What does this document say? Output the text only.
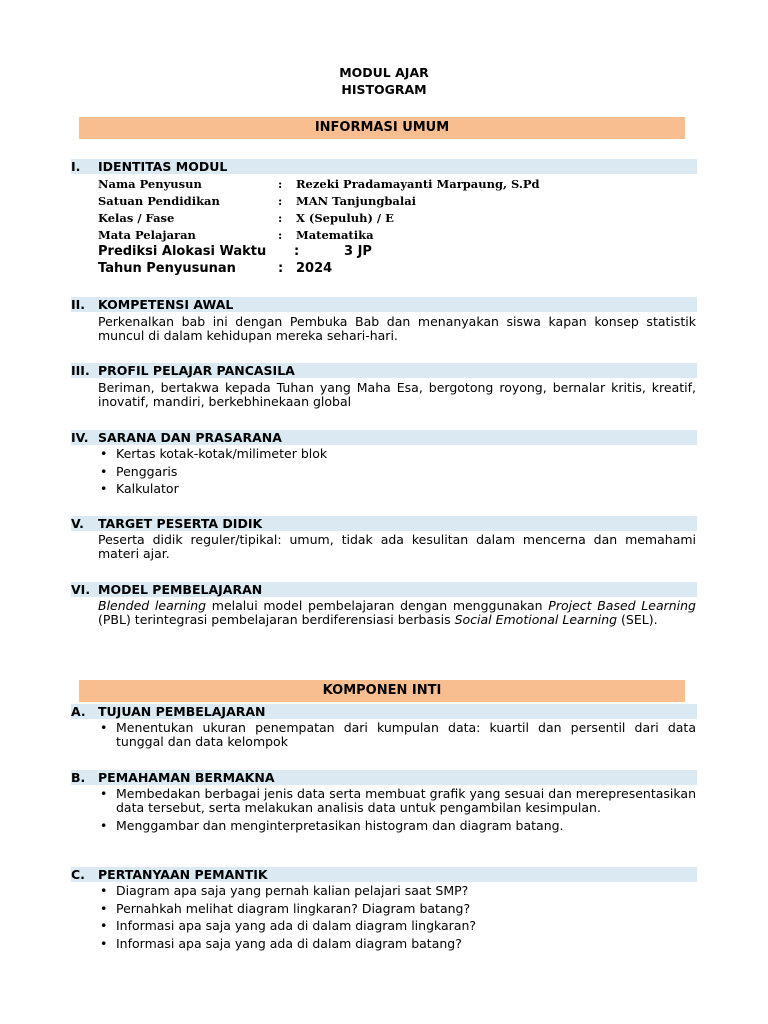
MODUL AJAR
HISTOGRAM
INFORMASI UMUM
I. IDENTITAS MODUL
Nama Penyusun	: Rezeki Pradamayanti Marpaung, S.Pd
Satuan Pendidikan	: MAN Tanjungbalai
Kelas / Fase	: X (Sepuluh) / E
Mata Pelajaran	: Matematika
Prediksi Alokasi Waktu :	3 JP
Tahun Penyusunan	: 2024
II. KOMPETENSI AWAL
Perkenalkan bab ini dengan Pembuka Bab dan menanyakan siswa kapan konsep statistik muncul di dalam kehidupan mereka sehari-hari.
III. PROFIL PELAJAR PANCASILA
Beriman, bertakwa kepada Tuhan yang Maha Esa, bergotong royong, bernalar kritis, kreatif, inovatif, mandiri, berkebhinekaan global
IV. SARANA DAN PRASARANA
• Kertas kotak-kotak/milimeter blok
• Penggaris
• Kalkulator
V. TARGET PESERTA DIDIK
Peserta didik reguler/tipikal: umum, tidak ada kesulitan dalam mencerna dan memahami materi ajar.
VI. MODEL PEMBELAJARAN
Blended learning melalui model pembelajaran dengan menggunakan Project Based Learning (PBL) terintegrasi pembelajaran berdiferensiasi berbasis Social Emotional Learning (SEL).
KOMPONEN INTI
A. TUJUAN PEMBELAJARAN
• Menentukan ukuran penempatan dari kumpulan data: kuartil dan persentil dari data tunggal dan data kelompok
B. PEMAHAMAN BERMAKNA
• Membedakan berbagai jenis data serta membuat grafik yang sesuai dan merepresentasikan data tersebut, serta melakukan analisis data untuk pengambilan kesimpulan.
• Menggambar dan menginterpretasikan histogram dan diagram batang.
C. PERTANYAAN PEMANTIK
• Diagram apa saja yang pernah kalian pelajari saat SMP?
• Pernahkah melihat diagram lingkaran? Diagram batang?
• Informasi apa saja yang ada di dalam diagram lingkaran?
• Informasi apa saja yang ada di dalam diagram batang?
